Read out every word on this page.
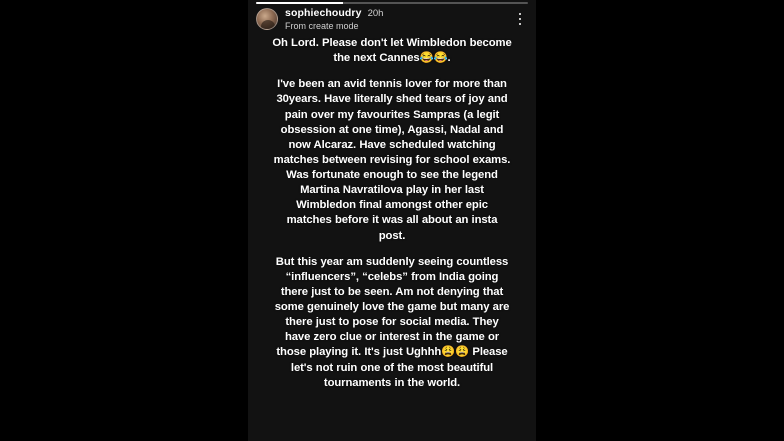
sophiechoudry 20h
From create mode

Oh Lord. Please don't let Wimbledon become the next Cannes😂😂.

I've been an avid tennis lover for more than 30years. Have literally shed tears of joy and pain over my favourites Sampras (a legit obsession at one time), Agassi, Nadal and now Alcaraz. Have scheduled watching matches between revising for school exams. Was fortunate enough to see the legend Martina Navratilova play in her last Wimbledon final amongst other epic matches before it was all about an insta post.

But this year am suddenly seeing countless “influencers”, “celebs” from India going there just to be seen. Am not denying that some genuinely love the game but many are there just to pose for social media. They have zero clue or interest in the game or those playing it. It's just Ughhh😩😩 Please let's not ruin one of the most beautiful tournaments in the world.
